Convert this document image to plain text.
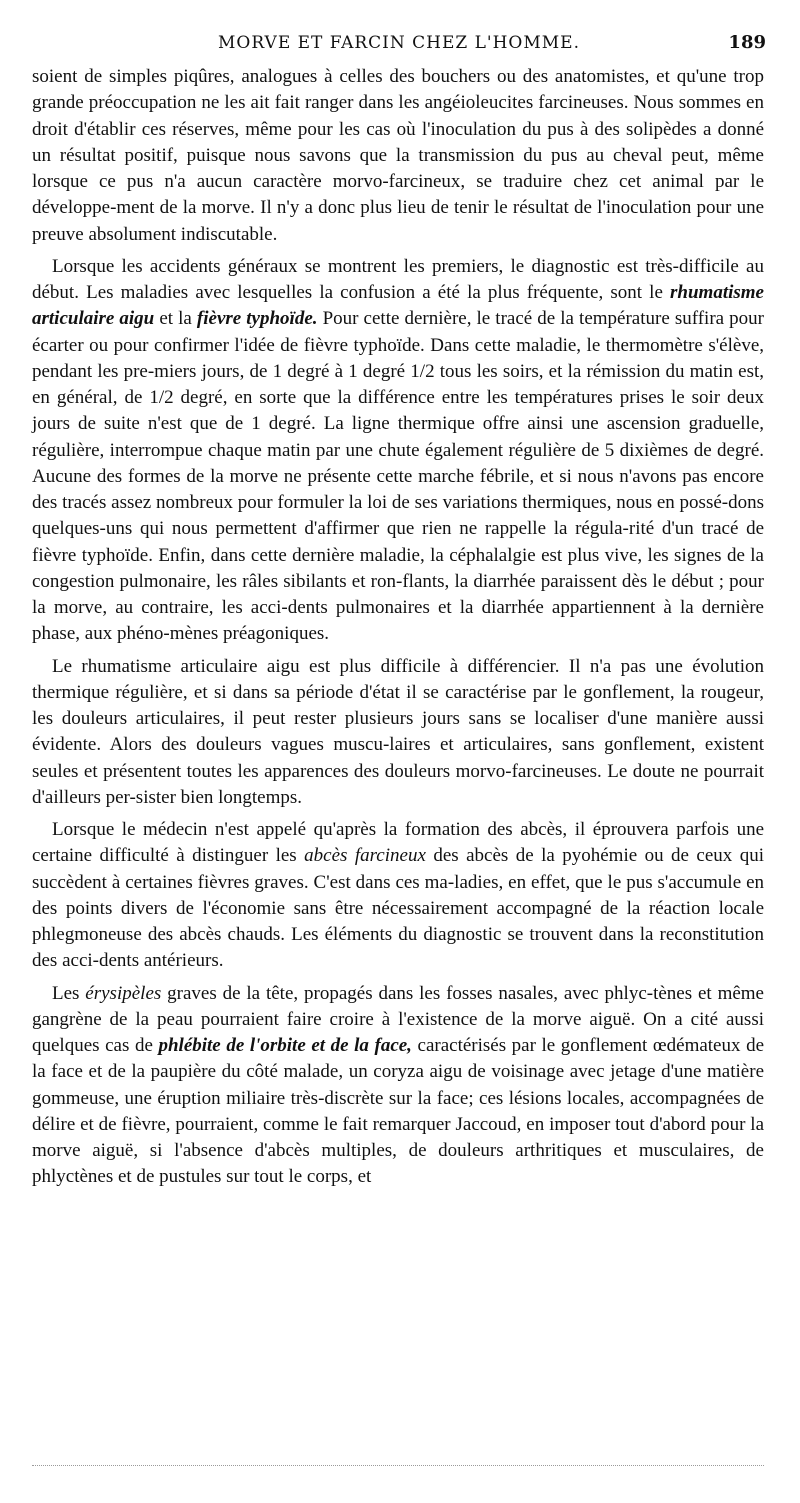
MORVE ET FARCIN CHEZ L'HOMME.	189

soient de simples piqûres, analogues à celles des bouchers ou des anatomistes, et qu'une trop grande préoccupation ne les ait fait ranger dans les angéioleucites farcineuses. Nous sommes en droit d'établir ces réserves, même pour les cas où l'inoculation du pus à des solipèdes a donné un résultat positif, puisque nous savons que la transmission du pus au cheval peut, même lorsque ce pus n'a aucun caractère morvo-farcineux, se traduire chez cet animal par le développe-ment de la morve. Il n'y a donc plus lieu de tenir le résultat de l'inoculation pour une preuve absolument indiscutable.

Lorsque les accidents généraux se montrent les premiers, le diagnostic est très-difficile au début. Les maladies avec lesquelles la confusion a été la plus fréquente, sont le rhumatisme articulaire aigu et la fièvre typhoïde. Pour cette dernière, le tracé de la température suffira pour écarter ou pour confirmer l'idée de fièvre typhoïde. Dans cette maladie, le thermomètre s'élève, pendant les pre-miers jours, de 1 degré à 1 degré 1/2 tous les soirs, et la rémission du matin est, en général, de 1/2 degré, en sorte que la différence entre les températures prises le soir deux jours de suite n'est que de 1 degré. La ligne thermique offre ainsi une ascension graduelle, régulière, interrompue chaque matin par une chute également régulière de 5 dixièmes de degré. Aucune des formes de la morve ne présente cette marche fébrile, et si nous n'avons pas encore des tracés assez nombreux pour formuler la loi de ses variations thermiques, nous en possé-dons quelques-uns qui nous permettent d'affirmer que rien ne rappelle la régula-rité d'un tracé de fièvre typhoïde. Enfin, dans cette dernière maladie, la céphalalgie est plus vive, les signes de la congestion pulmonaire, les râles sibilants et ron-flants, la diarrhée paraissent dès le début ; pour la morve, au contraire, les acci-dents pulmonaires et la diarrhée appartiennent à la dernière phase, aux phéno-mènes préagoniques.

Le rhumatisme articulaire aigu est plus difficile à différencier. Il n'a pas une évolution thermique régulière, et si dans sa période d'état il se caractérise par le gonflement, la rougeur, les douleurs articulaires, il peut rester plusieurs jours sans se localiser d'une manière aussi évidente. Alors des douleurs vagues muscu-laires et articulaires, sans gonflement, existent seules et présentent toutes les apparences des douleurs morvo-farcineuses. Le doute ne pourrait d'ailleurs per-sister bien longtemps.

Lorsque le médecin n'est appelé qu'après la formation des abcès, il éprouvera parfois une certaine difficulté à distinguer les abcès farcineux des abcès de la pyohémie ou de ceux qui succèdent à certaines fièvres graves. C'est dans ces ma-ladies, en effet, que le pus s'accumule en des points divers de l'économie sans être nécessairement accompagné de la réaction locale phlegmoneuse des abcès chauds. Les éléments du diagnostic se trouvent dans la reconstitution des acci-dents antérieurs.

Les érysipèles graves de la tête, propagés dans les fosses nasales, avec phlyc-tènes et même gangrène de la peau pourraient faire croire à l'existence de la morve aiguë. On a cité aussi quelques cas de phlébite de l'orbite et de la face, caractérisés par le gonflement œdémateux de la face et de la paupière du côté malade, un coryza aigu de voisinage avec jetage d'une matière gommeuse, une éruption miliaire très-discrète sur la face; ces lésions locales, accompagnées de délire et de fièvre, pourraient, comme le fait remarquer Jaccoud, en imposer tout d'abord pour la morve aiguë, si l'absence d'abcès multiples, de douleurs arthritiques et musculaires, de phlyctènes et de pustules sur tout le corps, et
